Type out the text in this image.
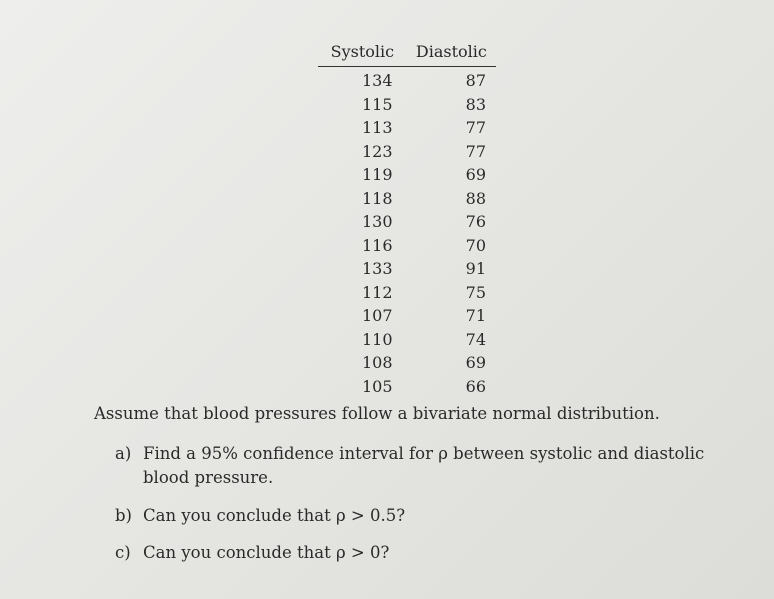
Systolic	Diastolic
134	87
115	83
113	77
123	77
119	69
118	88
130	76
116	70
133	91
112	75
107	71
110	74
108	69
105	66

Assume that blood pressures follow a bivariate normal distribution.

a) Find a 95% confidence interval for ρ between systolic and diastolic
blood pressure.

b) Can you conclude that ρ > 0.5?

c) Can you conclude that ρ > 0?
